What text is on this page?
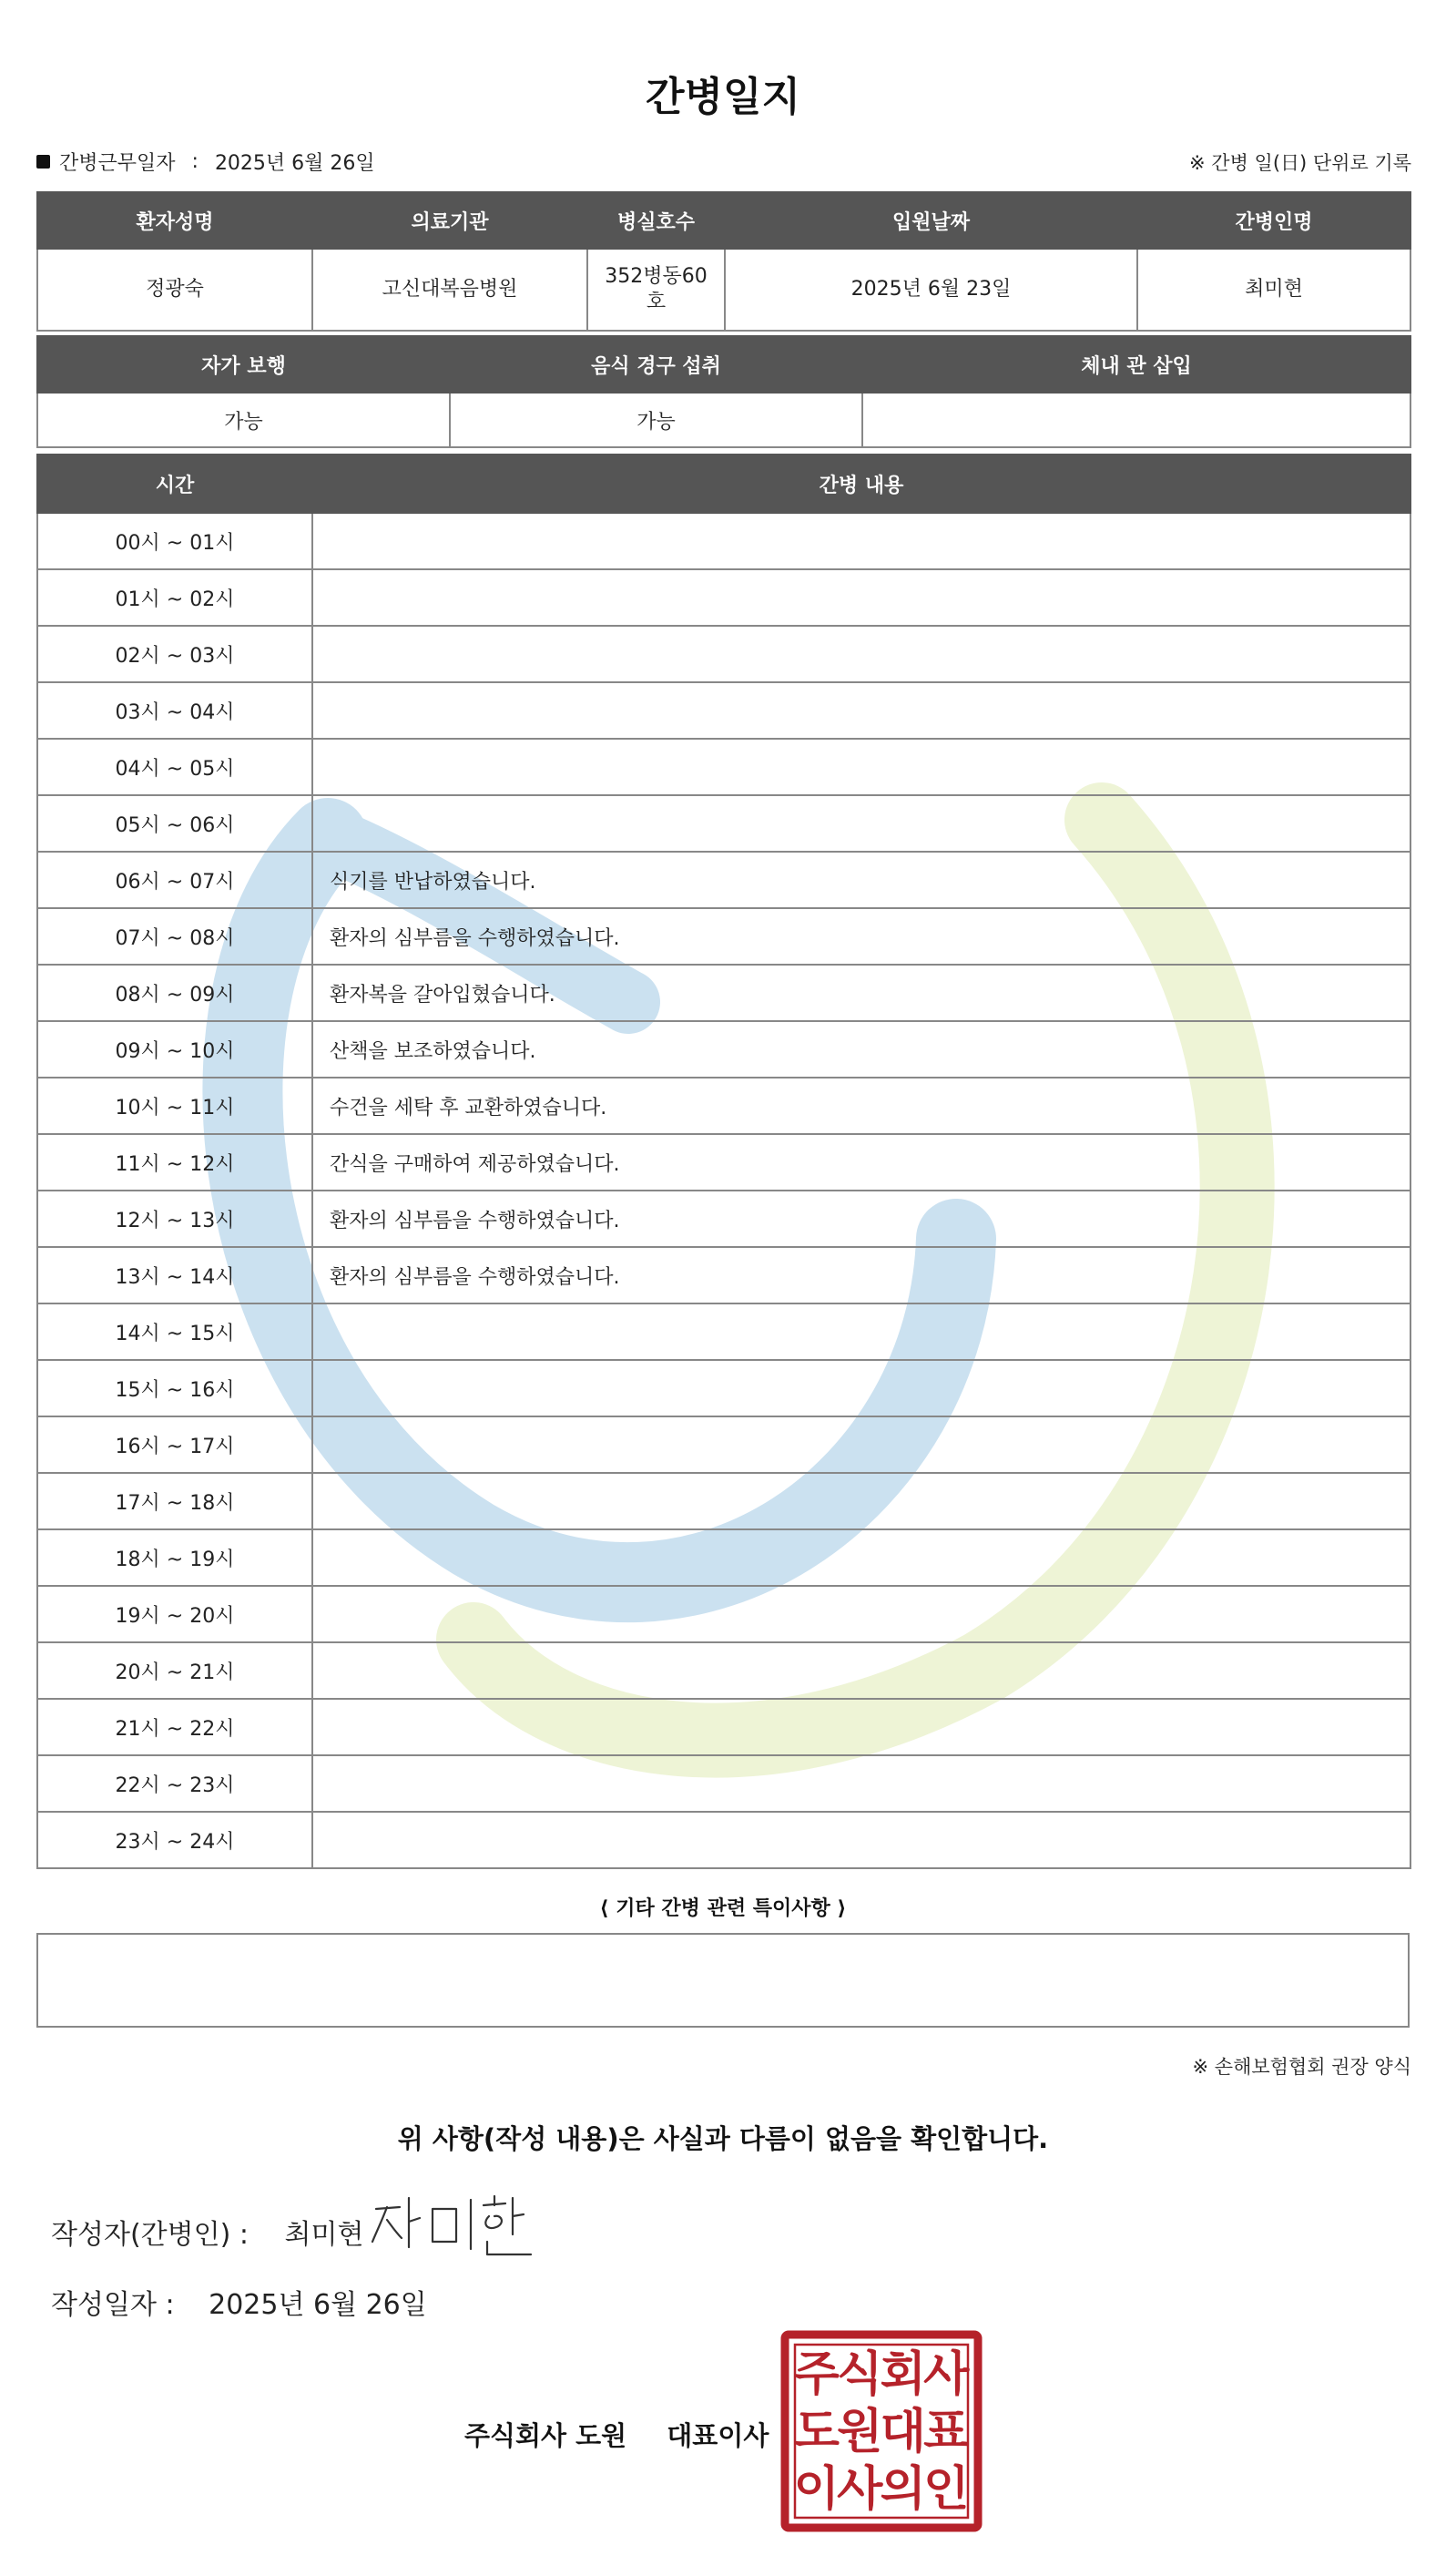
간병일지
간병근무일자 : 2025년 6월 26일	※ 간병 일(日) 단위로 기록
환자성명	의료기관	병실호수	입원날짜	간병인명
정광숙	고신대복음병원	352병동60호	2025년 6월 23일	최미현
자가 보행	음식 경구 섭취	체내 관 삽입
가능	가능	
시간	간병 내용
00시 ~ 01시	
01시 ~ 02시	
02시 ~ 03시	
03시 ~ 04시	
04시 ~ 05시	
05시 ~ 06시	
06시 ~ 07시	식기를 반납하였습니다.
07시 ~ 08시	환자의 심부름을 수행하였습니다.
08시 ~ 09시	환자복을 갈아입혔습니다.
09시 ~ 10시	산책을 보조하였습니다.
10시 ~ 11시	수건을 세탁 후 교환하였습니다.
11시 ~ 12시	간식을 구매하여 제공하였습니다.
12시 ~ 13시	환자의 심부름을 수행하였습니다.
13시 ~ 14시	환자의 심부름을 수행하였습니다.
14시 ~ 15시	
15시 ~ 16시	
16시 ~ 17시	
17시 ~ 18시	
18시 ~ 19시	
19시 ~ 20시	
20시 ~ 21시	
21시 ~ 22시	
22시 ~ 23시	
23시 ~ 24시	
⟨ 기타 간병 관련 특이사항 ⟩
※ 손해보험협회 권장 양식
위 사항(작성 내용)은 사실과 다름이 없음을 확인합니다.
작성자(간병인) : 최미현
작성일자 : 2025년 6월 26일
주식회사 도원 대표이사
주
식
회
사
도
원
대
표
이
사
의
인
